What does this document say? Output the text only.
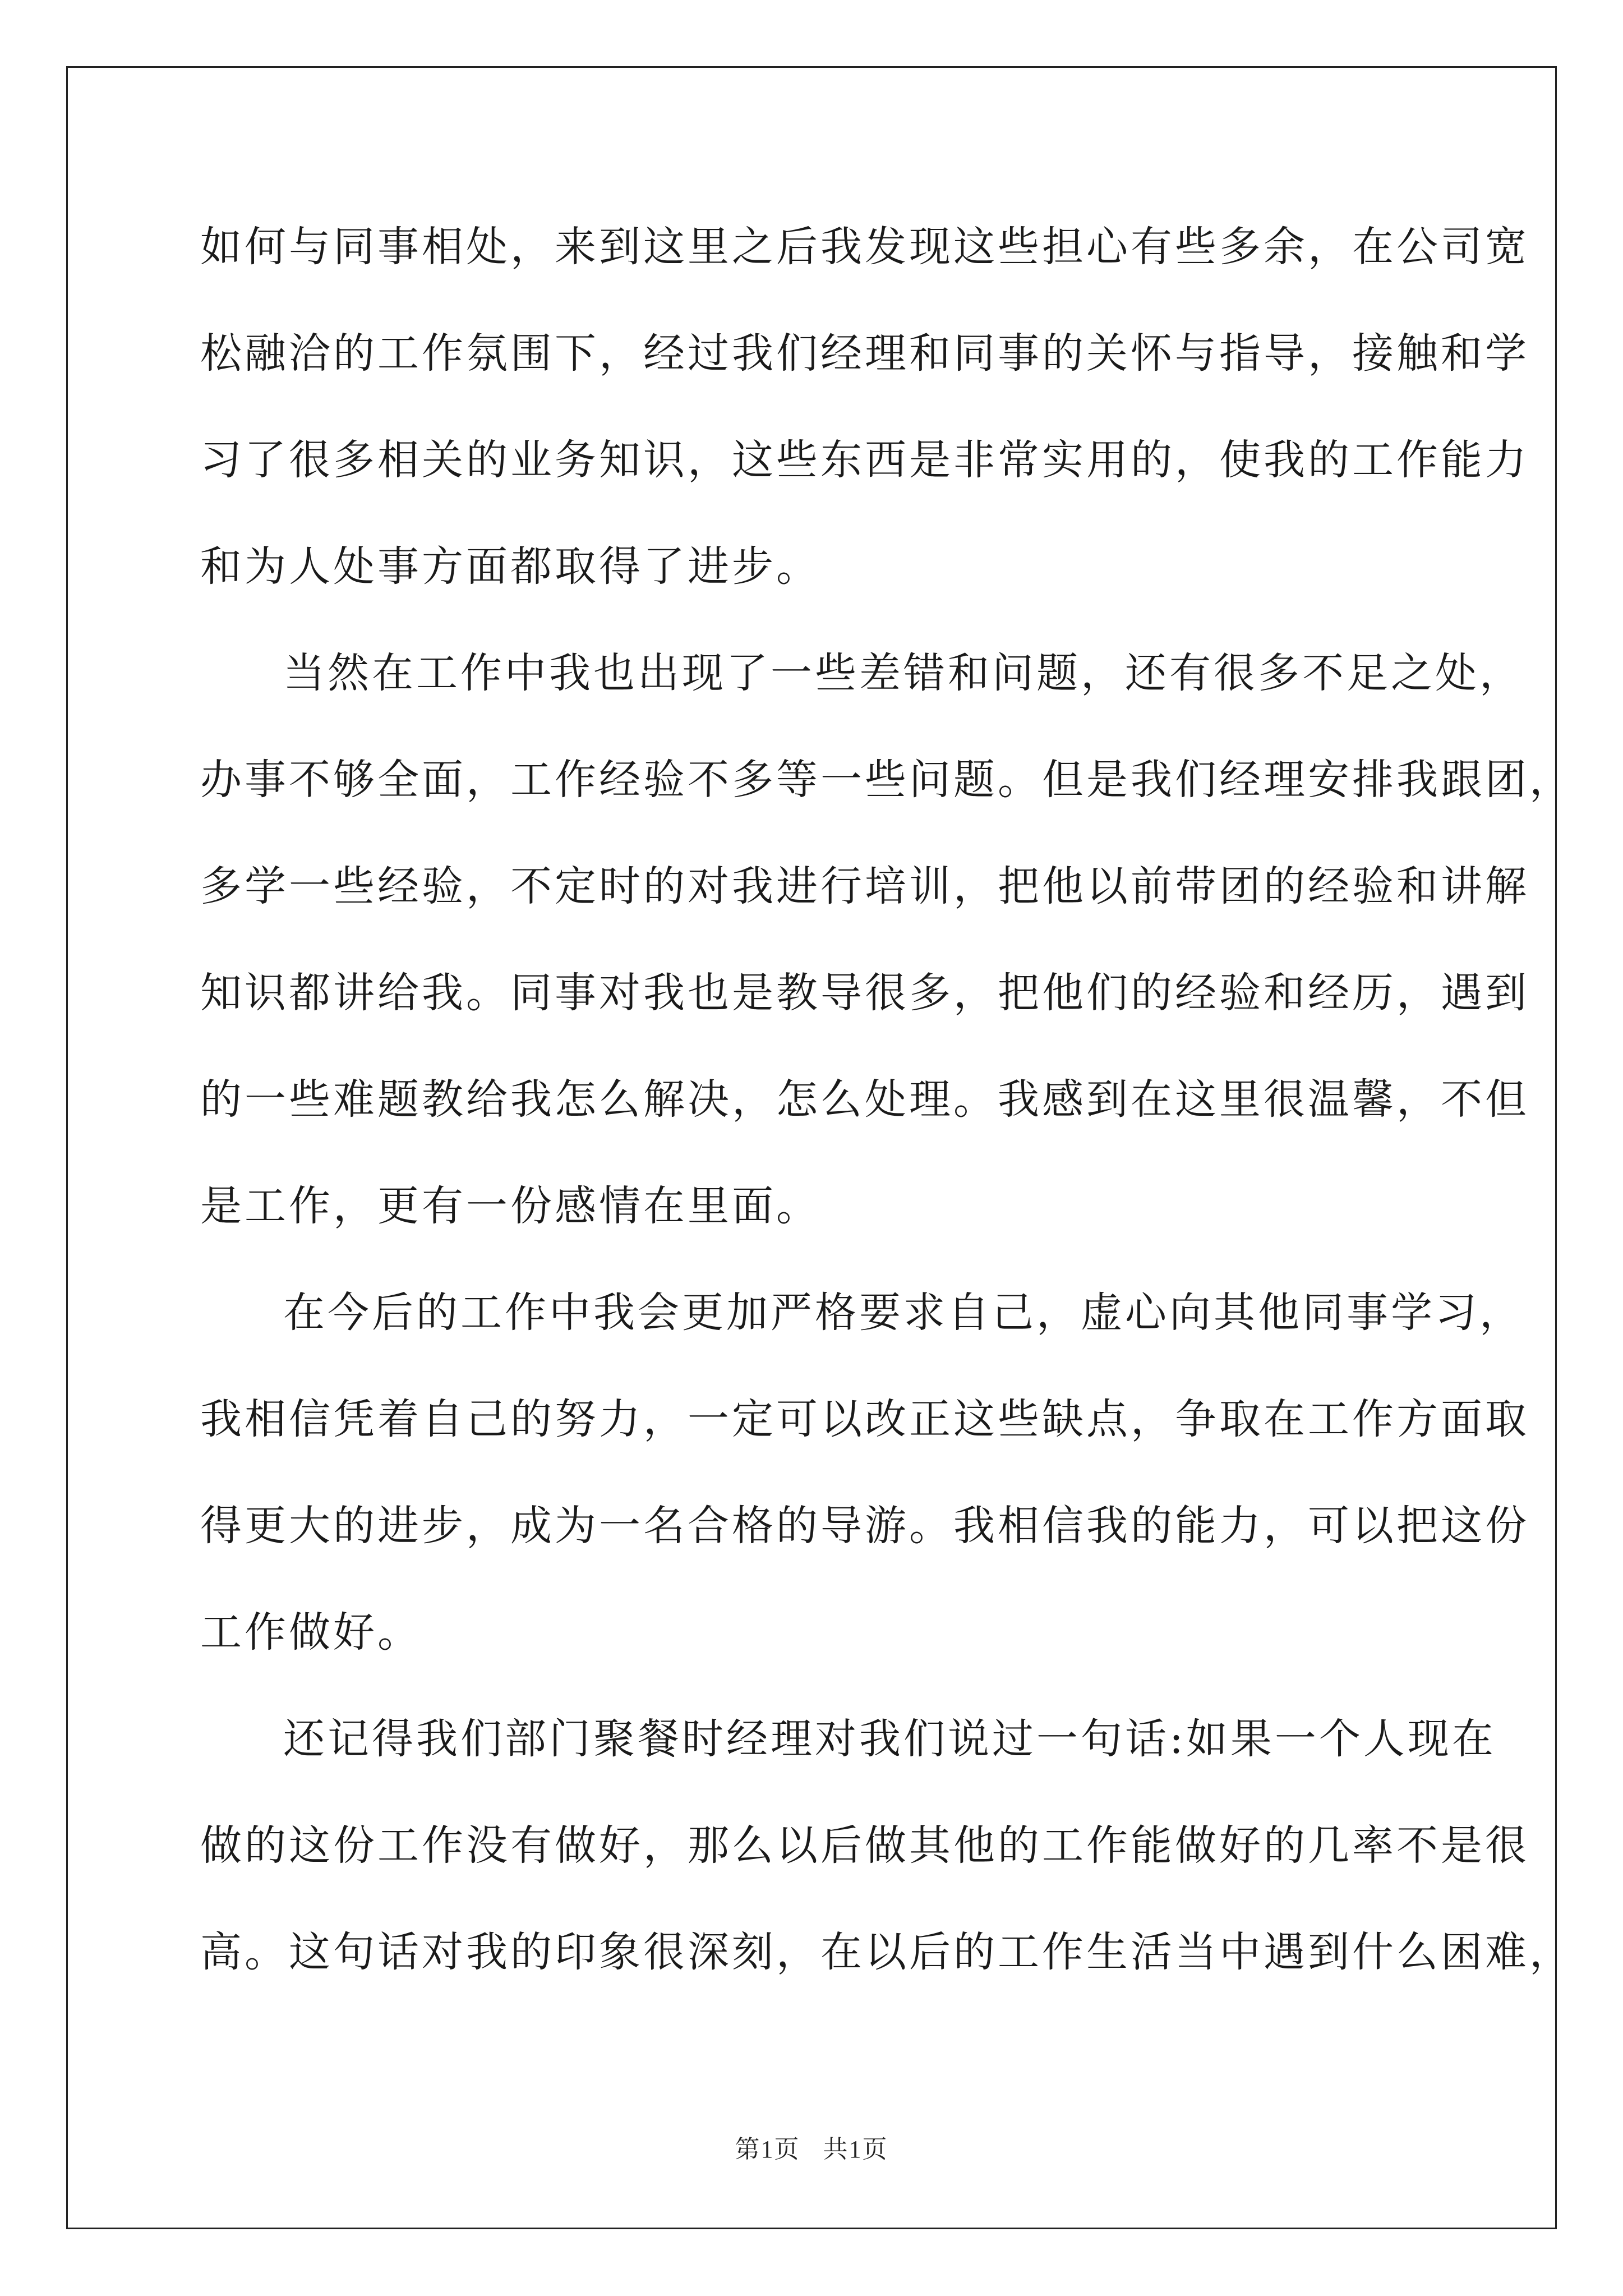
如何与同事相处，来到这里之后我发现这些担心有些多余，在公司宽
松融洽的工作氛围下，经过我们经理和同事的关怀与指导，接触和学
习了很多相关的业务知识，这些东西是非常实用的，使我的工作能力
和为人处事方面都取得了进步。
当然在工作中我也出现了一些差错和问题，还有很多不足之处，
办事不够全面，工作经验不多等一些问题。但是我们经理安排我跟团，
多学一些经验，不定时的对我进行培训，把他以前带团的经验和讲解
知识都讲给我。同事对我也是教导很多，把他们的经验和经历，遇到
的一些难题教给我怎么解决，怎么处理。我感到在这里很温馨，不但
是工作，更有一份感情在里面。
在今后的工作中我会更加严格要求自己，虚心向其他同事学习，
我相信凭着自己的努力，一定可以改正这些缺点，争取在工作方面取
得更大的进步，成为一名合格的导游。我相信我的能力，可以把这份
工作做好。
还记得我们部门聚餐时经理对我们说过一句话:如果一个人现在
做的这份工作没有做好，那么以后做其他的工作能做好的几率不是很
高。这句话对我的印象很深刻，在以后的工作生活当中遇到什么困难，
第1页 共1页
